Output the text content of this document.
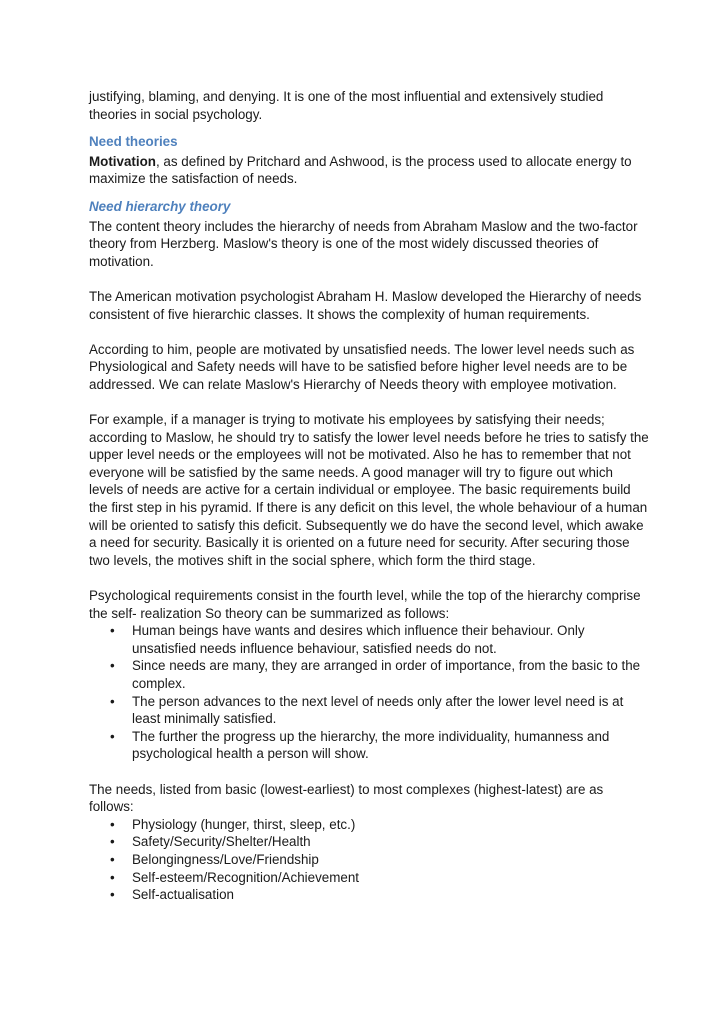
justifying, blaming, and denying. It is one of the most influential and extensively studied theories in social psychology.

Need theories

Motivation, as defined by Pritchard and Ashwood, is the process used to allocate energy to maximize the satisfaction of needs.

Need hierarchy theory

The content theory includes the hierarchy of needs from Abraham Maslow and the two-factor theory from Herzberg. Maslow's theory is one of the most widely discussed theories of motivation.

The American motivation psychologist Abraham H. Maslow developed the Hierarchy of needs consistent of five hierarchic classes. It shows the complexity of human requirements.

According to him, people are motivated by unsatisfied needs. The lower level needs such as Physiological and Safety needs will have to be satisfied before higher level needs are to be addressed. We can relate Maslow's Hierarchy of Needs theory with employee motivation.

For example, if a manager is trying to motivate his employees by satisfying their needs; according to Maslow, he should try to satisfy the lower level needs before he tries to satisfy the upper level needs or the employees will not be motivated. Also he has to remember that not everyone will be satisfied by the same needs. A good manager will try to figure out which levels of needs are active for a certain individual or employee. The basic requirements build the first step in his pyramid. If there is any deficit on this level, the whole behaviour of a human will be oriented to satisfy this deficit. Subsequently we do have the second level, which awake a need for security. Basically it is oriented on a future need for security. After securing those two levels, the motives shift in the social sphere, which form the third stage.

Psychological requirements consist in the fourth level, while the top of the hierarchy comprise the self- realization So theory can be summarized as follows:

• Human beings have wants and desires which influence their behaviour. Only unsatisfied needs influence behaviour, satisfied needs do not.
• Since needs are many, they are arranged in order of importance, from the basic to the complex.
• The person advances to the next level of needs only after the lower level need is at least minimally satisfied.
• The further the progress up the hierarchy, the more individuality, humanness and psychological health a person will show.

The needs, listed from basic (lowest-earliest) to most complexes (highest-latest) are as follows:

• Physiology (hunger, thirst, sleep, etc.)
• Safety/Security/Shelter/Health
• Belongingness/Love/Friendship
• Self-esteem/Recognition/Achievement
• Self-actualisation
